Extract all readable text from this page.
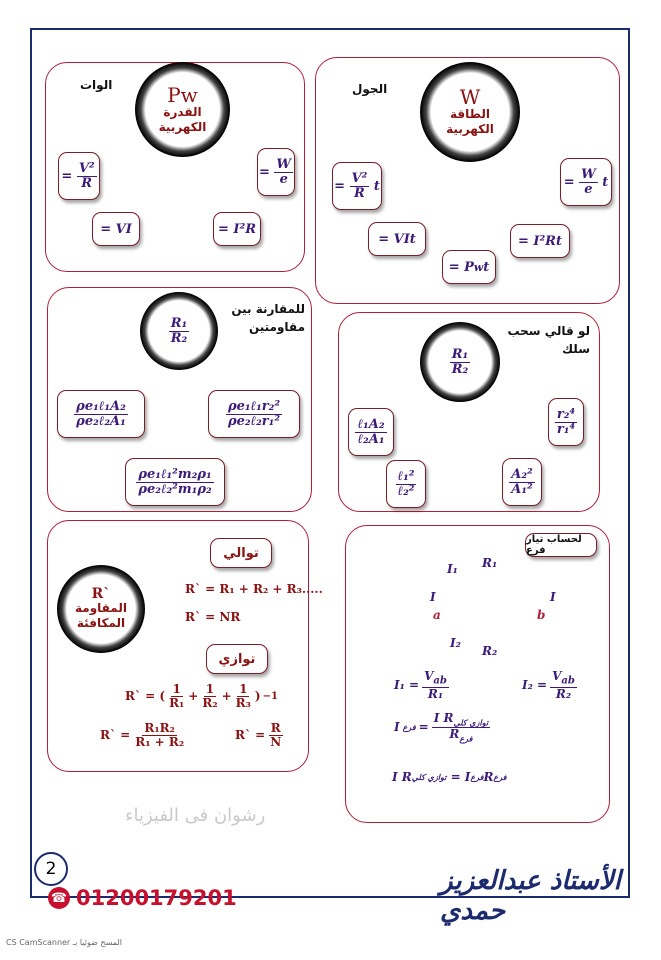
الجول	W
الطاقة الكهربية
= $\frac{\text{V²}}{R}$ t
= VIt
= P w t
= I²Rt
= $\frac{W}{e}$ t
الوات	Pw
القدرة الكهربية
= $\frac{\text{V²}}{R}$
= VI	= I²R
= $\frac{W}{e}$
للمقارنة بين مقاومتين
$\frac{\text{R₁}}{\text{R₂}}$
$\frac{\text{ρe₁ℓ₁A₂}}{\text{ρe₂ℓ₂A₁}}$
$\frac{\text{ρe₁ℓ₁²m₂ρ₁}}{\text{ρe₂ℓ₂²m₁ρ₂}}$
$\frac{\text{ρe₁ℓ₁r₂²}}{\text{ρe₂ℓ₂r₁²}}$
لو قالي سحب سلك
$\frac{\text{R₁}}{\text{R₂}}$
$\frac{\text{ℓ₁A₂}}{\text{ℓ₂A₁}}$
$\frac{\text{ℓ₁²}}{\text{ℓ₂²}}$	$\frac{\text{A₂²}}{\text{A₁²}}$
$\frac{\text{r₂⁴}}{\text{r₁⁴}}$
R`
المقاومة المكافئة
توالي
توازي
R` = R₁ + R₂ + R₃.....
R` = NR
R` = ( $\frac{1}{\text{R₁}} + \frac{1}{\text{R₂}} + \frac{1}{\text{R₃}}$ ) −1
R` = $\frac{\text{R₁R₂}}{\text{R₁ + R₂}}$	R` = $\frac{R}{N}$
لحساب تيار فرع
I₁ R₁
I
a
I
b
I₂
R₂
$I_1 = \frac{V_{ab}}{\text{R₁}}$	$I_2 = \frac{V_{ab}}{\text{R₂}}$
I فرع = $\frac{I R_{توازي كلي}}{R_{فرع}}$
I R توازي كلي = I فرع R فرع
رشوان فى الفيزياء
2
☎ 01200179201
الأستاذ عبدالعزيز حمدي
CS CamScanner المسح ضوئيا بـ
